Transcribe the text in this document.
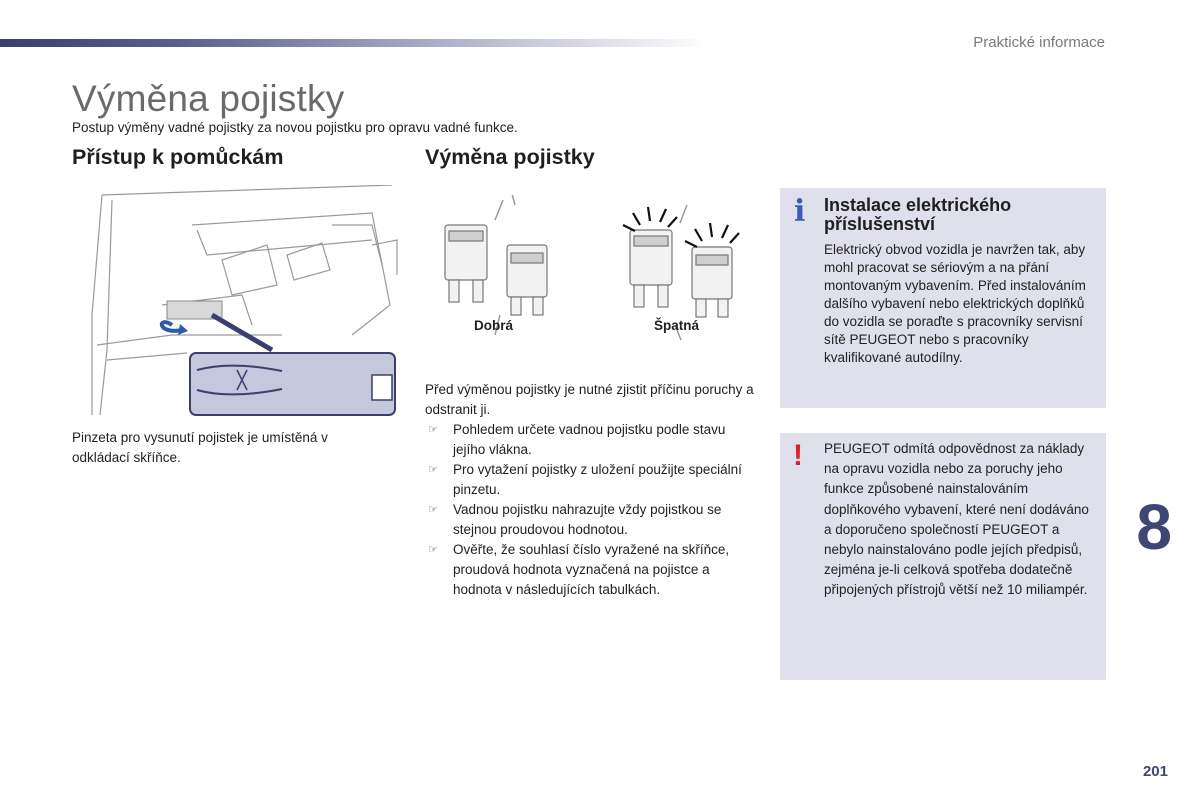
Praktické informace
Výměna pojistky

Postup výměny vadné pojistky za novou pojistku pro opravu vadné funkce.

Přístup k pomůckám
Pinzeta pro vysunutí pojistek je umístěná v odkládací skříňce.
Výměna pojistky
Dobrá	Špatná
Před výměnou pojistky je nutné zjistit příčinu poruchy a odstranit ji.
☞ Pohledem určete vadnou pojistku podle stavu jejího vlákna.
☞ Pro vytažení pojistky z uložení použijte speciální pinzetu.
☞ Vadnou pojistku nahrazujte vždy pojistkou se stejnou proudovou hodnotou.
☞ Ověřte, že souhlasí číslo vyražené na skříňce, proudová hodnota vyznačená na pojistce a hodnota v následujících tabulkách.
i Instalace elektrického příslušenství
Elektrický obvod vozidla je navržen tak, aby mohl pracovat se sériovým a na přání montovaným vybavením. Před instalováním dalšího vybavení nebo elektrických doplňků do vozidla se poraďte s pracovníky servisní sítě PEUGEOT nebo s pracovníky kvalifikované autodílny.
! PEUGEOT odmítá odpovědnost za náklady na opravu vozidla nebo za poruchy jeho funkce způsobené nainstalováním doplňkového vybavení, které není dodáváno a doporučeno společností PEUGEOT a nebylo nainstalováno podle jejích předpisů, zejména je-li celková spotřeba dodatečně připojených přístrojů větší než 10 miliampér.
8
201
